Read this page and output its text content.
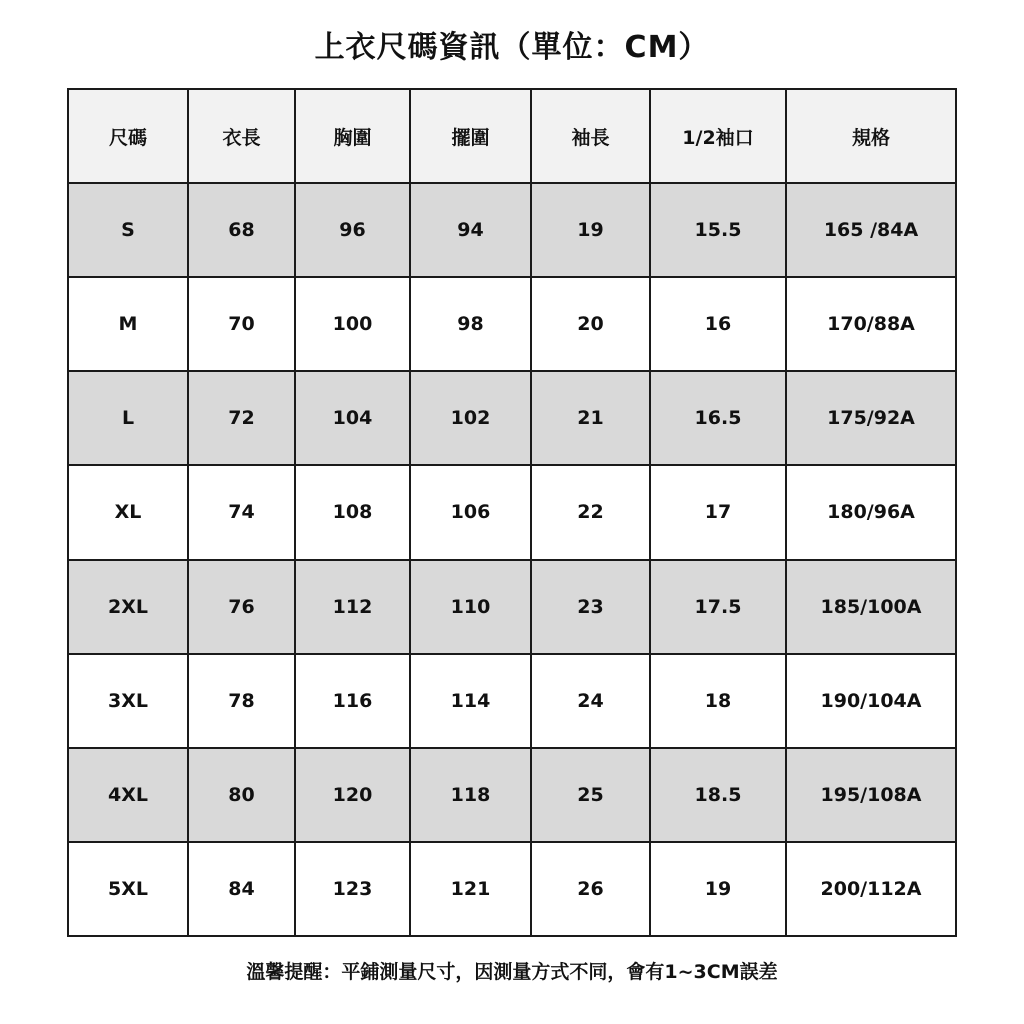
上衣尺碼資訊（單位：CM）
尺碼	衣長	胸圍	擺圍	袖長	1/2袖口	規格
S	68	96	94	19	15.5	165 /84A
M	70	100	98	20	16	170/88A
L	72	104	102	21	16.5	175/92A
XL	74	108	106	22	17	180/96A
2XL	76	112	110	23	17.5	185/100A
3XL	78	116	114	24	18	190/104A
4XL	80	120	118	25	18.5	195/108A
5XL	84	123	121	26	19	200/112A
溫馨提醒：平鋪測量尺寸，因測量方式不同，會有1~3CM誤差
